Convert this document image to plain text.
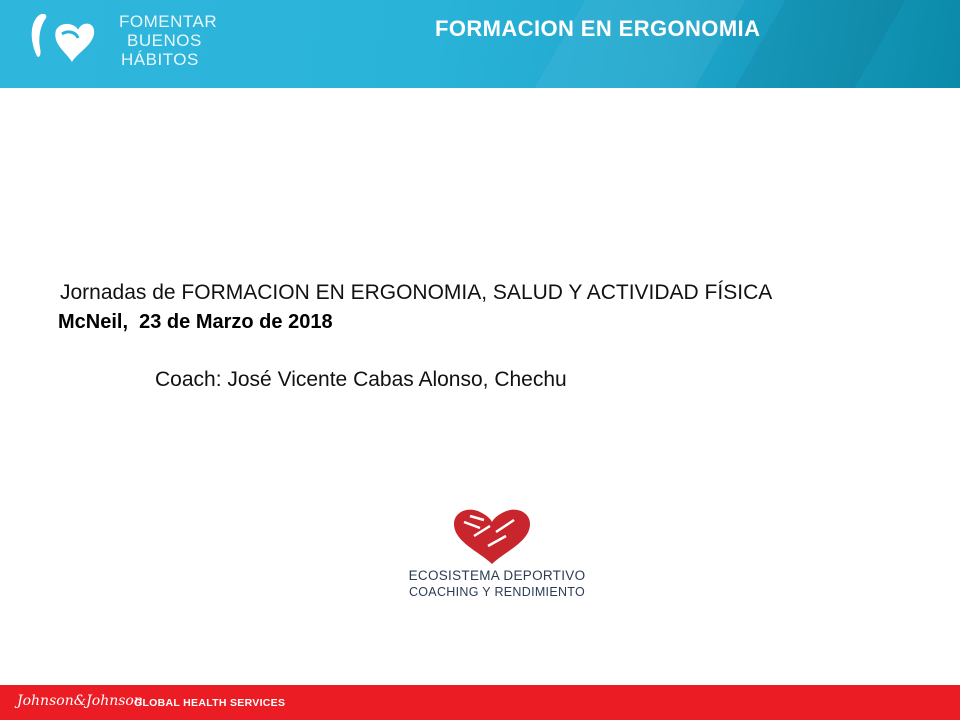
FOMENTAR
BUENOS
HÁBITOS
FORMACION EN ERGONOMIA
Jornadas de FORMACION EN ERGONOMIA, SALUD Y ACTIVIDAD FÍSICA
McNeil,  23 de Marzo de 2018
Coach: José Vicente Cabas Alonso, Chechu
ECOSISTEMA DEPORTIVO
COACHING Y RENDIMIENTO
Johnson&Johnson
GLOBAL HEALTH SERVICES
